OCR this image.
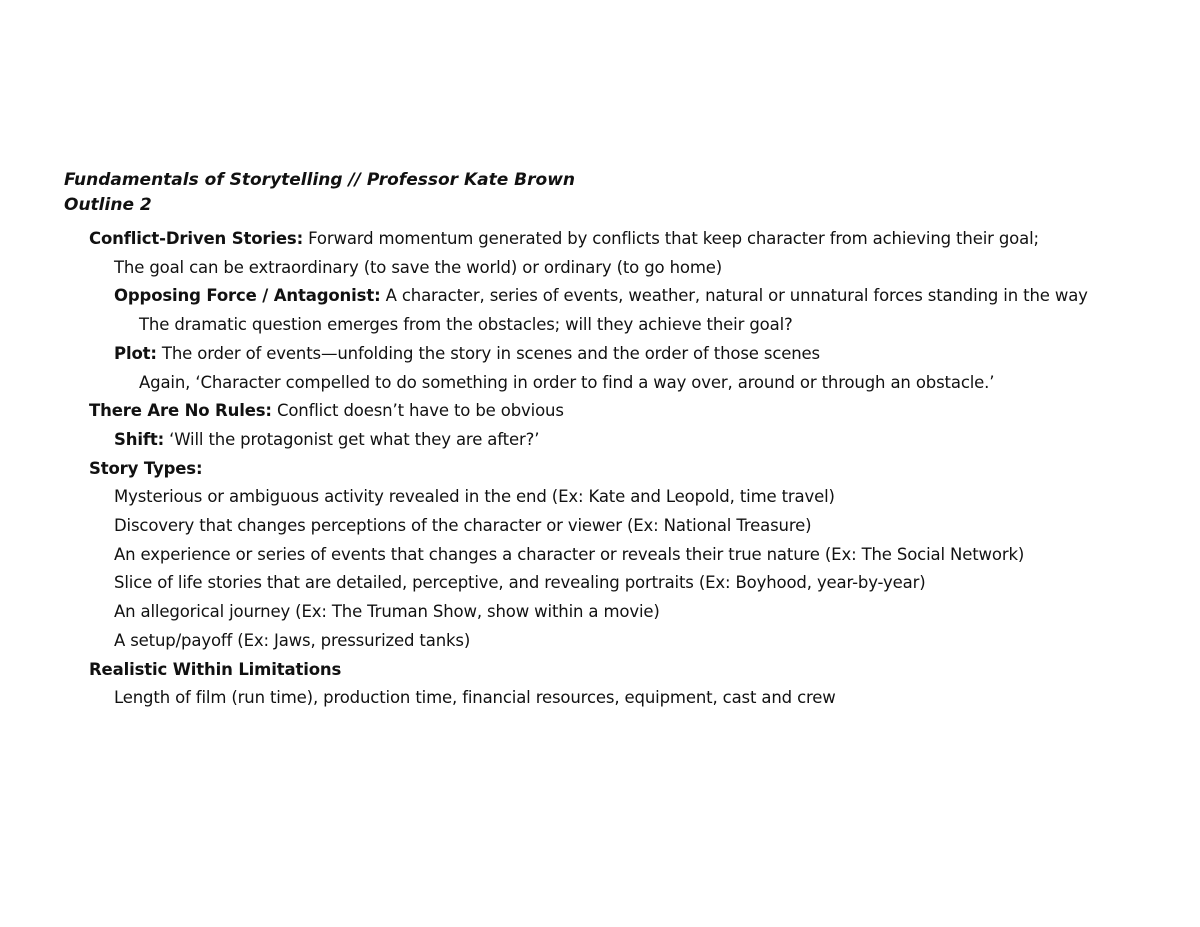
Fundamentals of Storytelling // Professor Kate Brown
Outline 2
Conflict-Driven Stories: Forward momentum generated by conflicts that keep character from achieving their goal;
The goal can be extraordinary (to save the world) or ordinary (to go home)
Opposing Force / Antagonist: A character, series of events, weather, natural or unnatural forces standing in the way
The dramatic question emerges from the obstacles; will they achieve their goal?
Plot: The order of events—unfolding the story in scenes and the order of those scenes
Again, ‘Character compelled to do something in order to find a way over, around or through an obstacle.’
There Are No Rules: Conflict doesn’t have to be obvious
Shift: ‘Will the protagonist get what they are after?’
Story Types:
Mysterious or ambiguous activity revealed in the end (Ex: Kate and Leopold, time travel)
Discovery that changes perceptions of the character or viewer (Ex: National Treasure)
An experience or series of events that changes a character or reveals their true nature (Ex: The Social Network)
Slice of life stories that are detailed, perceptive, and revealing portraits (Ex: Boyhood, year-by-year)
An allegorical journey (Ex: The Truman Show, show within a movie)
A setup/payoff (Ex: Jaws, pressurized tanks)
Realistic Within Limitations
Length of film (run time), production time, financial resources, equipment, cast and crew
